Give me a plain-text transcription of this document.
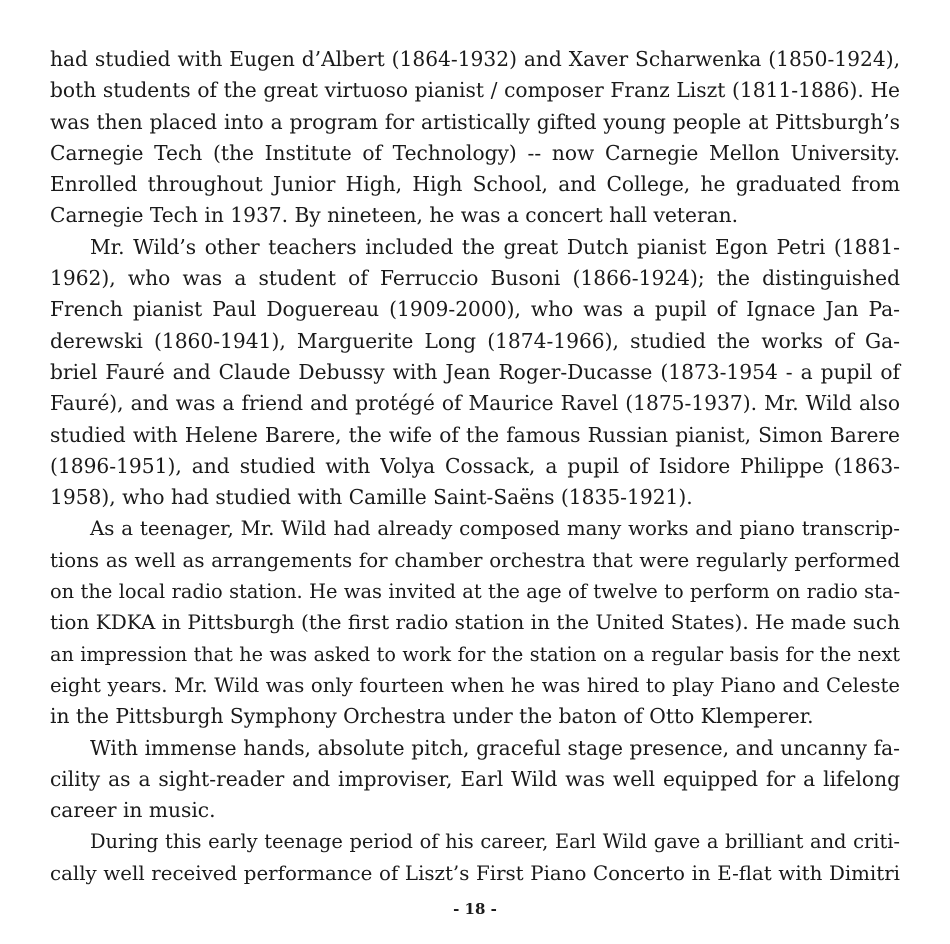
had studied with Eugen d’Albert (1864-1932) and Xaver Scharwenka (1850-1924),
both students of the great virtuoso pianist / composer Franz Liszt (1811-1886). He
was then placed into a program for artistically gifted young people at Pittsburgh’s
Carnegie Tech (the Institute of Technology) -- now Carnegie Mellon University.
Enrolled throughout Junior High, High School, and College, he graduated from
Carnegie Tech in 1937. By nineteen, he was a concert hall veteran.
Mr. Wild’s other teachers included the great Dutch pianist Egon Petri (1881-
1962), who was a student of Ferruccio Busoni (1866-1924); the distinguished
French pianist Paul Doguereau (1909-2000), who was a pupil of Ignace Jan Pa-
derewski (1860-1941), Marguerite Long (1874-1966), studied the works of Ga-
briel Fauré and Claude Debussy with Jean Roger-Ducasse (1873-1954 - a pupil of
Fauré), and was a friend and protégé of Maurice Ravel (1875-1937). Mr. Wild also
studied with Helene Barere, the wife of the famous Russian pianist, Simon Barere
(1896-1951), and studied with Volya Cossack, a pupil of Isidore Philippe (1863-
1958), who had studied with Camille Saint-Saëns (1835-1921).
As a teenager, Mr. Wild had already composed many works and piano transcrip-
tions as well as arrangements for chamber orchestra that were regularly performed
on the local radio station. He was invited at the age of twelve to perform on radio sta-
tion KDKA in Pittsburgh (the first radio station in the United States). He made such
an impression that he was asked to work for the station on a regular basis for the next
eight years. Mr. Wild was only fourteen when he was hired to play Piano and Celeste
in the Pittsburgh Symphony Orchestra under the baton of Otto Klemperer.
With immense hands, absolute pitch, graceful stage presence, and uncanny fa-
cility as a sight-reader and improviser, Earl Wild was well equipped for a lifelong
career in music.
During this early teenage period of his career, Earl Wild gave a brilliant and criti-
cally well received performance of Liszt’s First Piano Concerto in E-flat with Dimitri
- 18 -
